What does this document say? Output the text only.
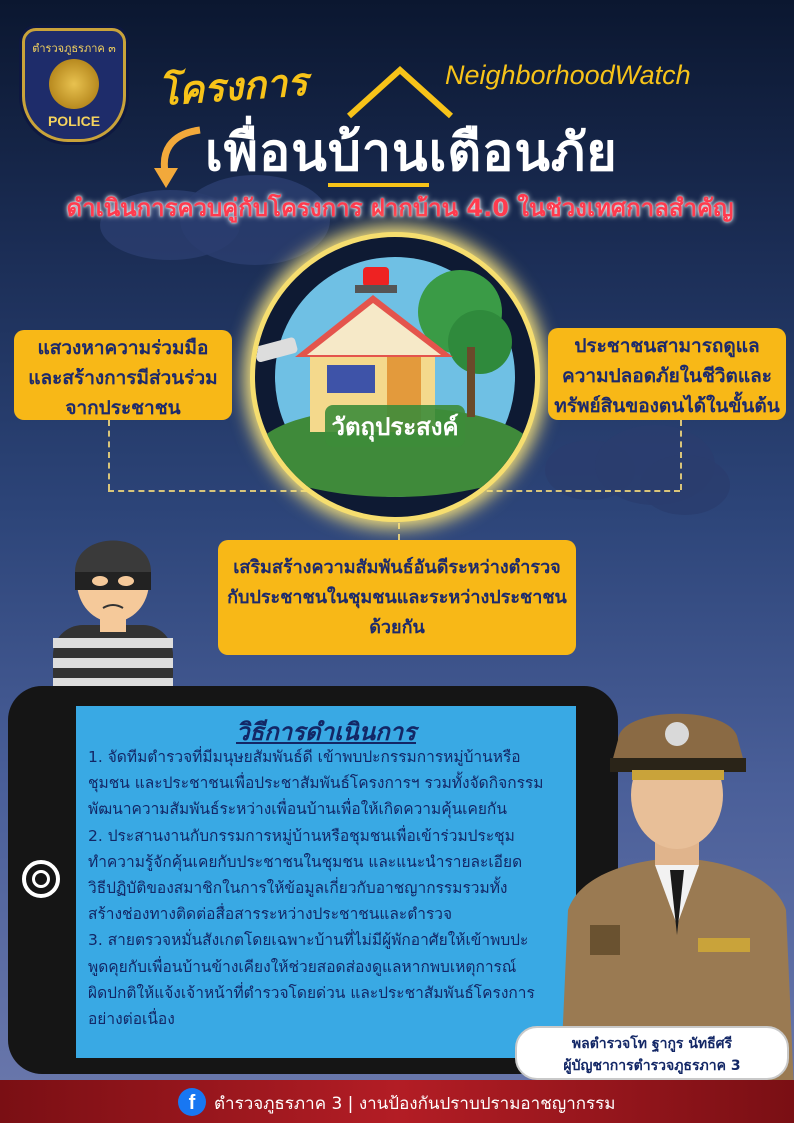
ตำรวจภูธรภาค ๓
POLICE
โครงการ	NeighborhoodWatch
เพื่อนบ้านเตือนภัย
ดำเนินการควบคู่กับโครงการ ฝากบ้าน 4.0 ในช่วงเทศกาลสำคัญ
วัตถุประสงค์
แสวงหาความร่วมมือ
และสร้างการมีส่วนร่วม
จากประชาชน
ประชาชนสามารถดูแล
ความปลอดภัยในชีวิตและ
ทรัพย์สินของตนได้ในขั้นต้น
เสริมสร้างความสัมพันธ์อันดีระหว่างตำรวจ
กับประชาชนในชุมชนและระหว่างประชาชน
ด้วยกัน
วิธีการดำเนินการ

1. จัดทีมตำรวจที่มีมนุษยสัมพันธ์ดี เข้าพบปะกรรมการหมู่บ้านหรือ

ชุมชน และประชาชนเพื่อประชาสัมพันธ์โครงการฯ รวมทั้งจัดกิจกรรม

พัฒนาความสัมพันธ์ระหว่างเพื่อนบ้านเพื่อให้เกิดความคุ้นเคยกัน

2. ประสานงานกับกรรมการหมู่บ้านหรือชุมชนเพื่อเข้าร่วมประชุม

ทำความรู้จักคุ้นเคยกับประชาชนในชุมชน และแนะนำรายละเอียด

วิธีปฏิบัติของสมาชิกในการให้ข้อมูลเกี่ยวกับอาชญากรรมรวมทั้ง

สร้างช่องทางติดต่อสื่อสารระหว่างประชาชนและตำรวจ

3. สายตรวจหมั่นสังเกตโดยเฉพาะบ้านที่ไม่มีผู้พักอาศัยให้เข้าพบปะ

พูดคุยกับเพื่อนบ้านข้างเคียงให้ช่วยสอดส่องดูแลหากพบเหตุการณ์

ผิดปกติให้แจ้งเจ้าหน้าที่ตำรวจโดยด่วน และประชาสัมพันธ์โครงการ

อย่างต่อเนื่อง

พลตำรวจโท ฐากูร นัทธีศรี
ผู้บัญชาการตำรวจภูธรภาค 3
f	ตำรวจภูธรภาค 3 | งานป้องกันปราบปรามอาชญากรรม
